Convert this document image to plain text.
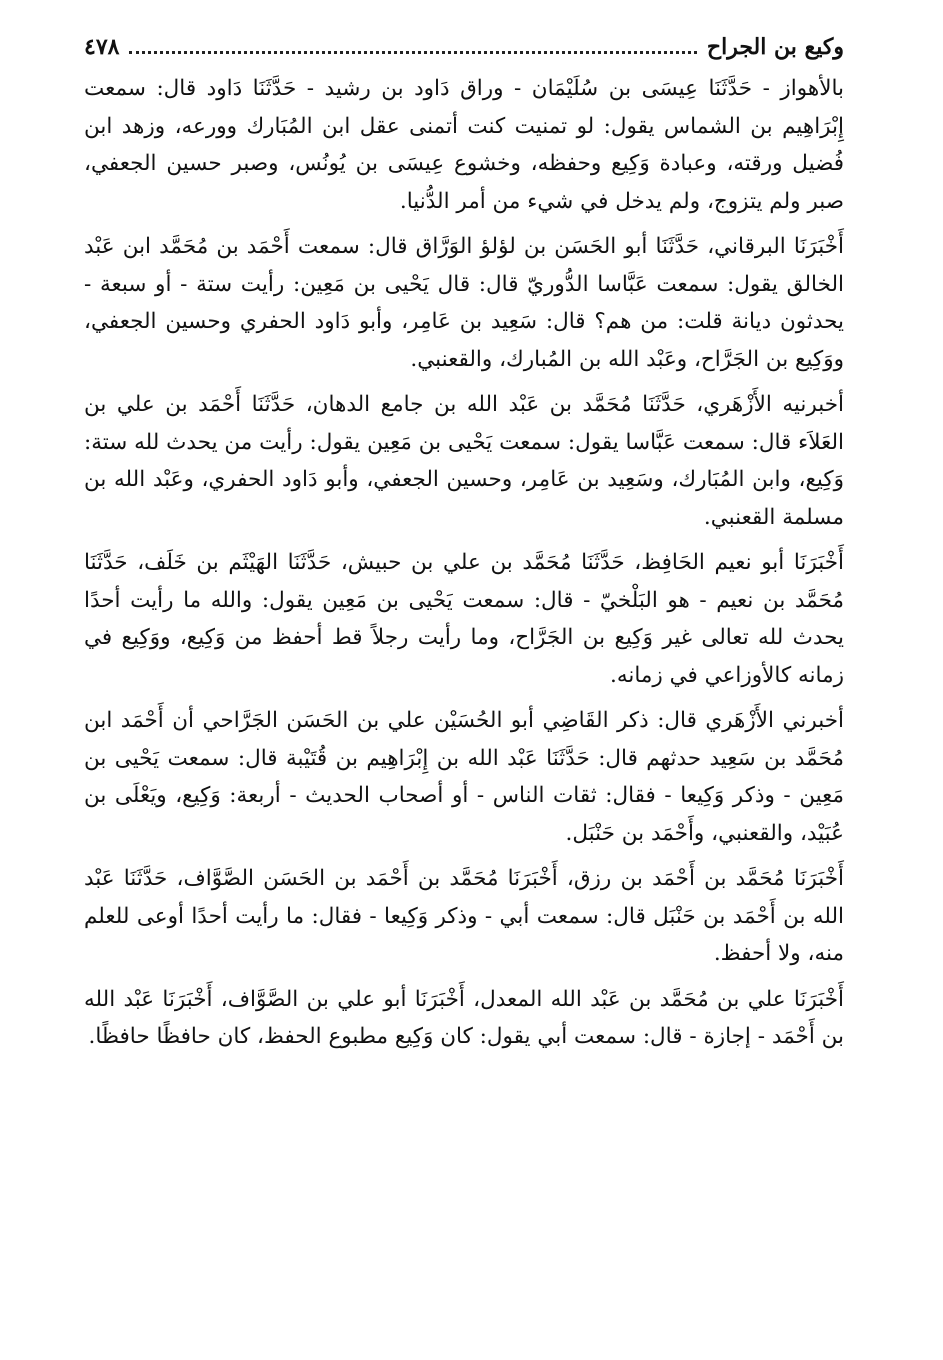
وكيع بن الجراح
٤٧٨

بالأهواز - حَدَّثَنَا عِيسَى بن سُلَيْمَان - وراق دَاود بن رشيد - حَدَّثَنَا دَاود قال: سمعت إِبْرَاهِيم بن الشماس يقول: لو تمنيت كنت أتمنى عقل ابن المُبَارك وورعه، وزهد ابن فُضيل ورقته، وعبادة وَكِيع وحفظه، وخشوع عِيسَى بن يُونُس، وصبر حسين الجعفي، صبر ولم يتزوج، ولم يدخل في شيء من أمر الدُّنيا.

أَخْبَرَنَا البرقاني، حَدَّثَنَا أبو الحَسَن بن لؤلؤ الوَرَّاق قال: سمعت أَحْمَد بن مُحَمَّد ابن عَبْد الخالق يقول: سمعت عَبَّاسا الدُّوريّ قال: قال يَحْيى بن مَعِين: رأيت ستة - أو سبعة - يحدثون ديانة قلت: من هم؟ قال: سَعِيد بن عَامِر، وأبو دَاود الحفري وحسين الجعفي، ووَكِيع بن الجَرَّاح، وعَبْد الله بن المُبارك، والقعنبي.

أخبرنيه الأَزْهَري، حَدَّثَنَا مُحَمَّد بن عَبْد الله بن جامع الدهان، حَدَّثَنَا أَحْمَد بن علي بن العَلاَء قال: سمعت عَبَّاسا يقول: سمعت يَحْيى بن مَعِين يقول: رأيت من يحدث لله ستة: وَكِيع، وابن المُبَارك، وسَعِيد بن عَامِر، وحسين الجعفي، وأبو دَاود الحفري، وعَبْد الله بن مسلمة القعنبي.

أَخْبَرَنَا أبو نعيم الحَافِظ، حَدَّثَنَا مُحَمَّد بن علي بن حبيش، حَدَّثَنَا الهَيْثَم بن خَلَف، حَدَّثَنَا مُحَمَّد بن نعيم - هو البَلْخيّ - قال: سمعت يَحْيى بن مَعِين يقول: والله ما رأيت أحدًا يحدث لله تعالى غير وَكِيع بن الجَرَّاح، وما رأيت رجلاً قط أحفظ من وَكِيع، ووَكِيع في زمانه كالأوزاعي في زمانه.

أخبرني الأَزْهَري قال: ذكر القَاضِي أبو الحُسَيْن علي بن الحَسَن الجَرَّاحي أن أَحْمَد ابن مُحَمَّد بن سَعِيد حدثهم قال: حَدَّثَنَا عَبْد الله بن إِبْرَاهِيم بن قُتَيْبة قال: سمعت يَحْيى بن مَعِين - وذكر وَكِيعا - فقال: ثقات الناس - أو أصحاب الحديث - أربعة: وَكِيع، ويَعْلَى بن عُبَيْد، والقعنبي، وأَحْمَد بن حَنْبَل.

أَخْبَرَنَا مُحَمَّد بن أَحْمَد بن رزق، أَخْبَرَنَا مُحَمَّد بن أَحْمَد بن الحَسَن الصَّوَّاف، حَدَّثَنَا عَبْد الله بن أَحْمَد بن حَنْبَل قال: سمعت أبي - وذكر وَكِيعا - فقال: ما رأيت أحدًا أوعى للعلم منه، ولا أحفظ.

أَخْبَرَنَا علي بن مُحَمَّد بن عَبْد الله المعدل، أَخْبَرَنَا أبو علي بن الصَّوَّاف، أَخْبَرَنَا عَبْد الله بن أَحْمَد - إجازة - قال: سمعت أبي يقول: كان وَكِيع مطبوع الحفظ، كان حافظًا حافظًا.
